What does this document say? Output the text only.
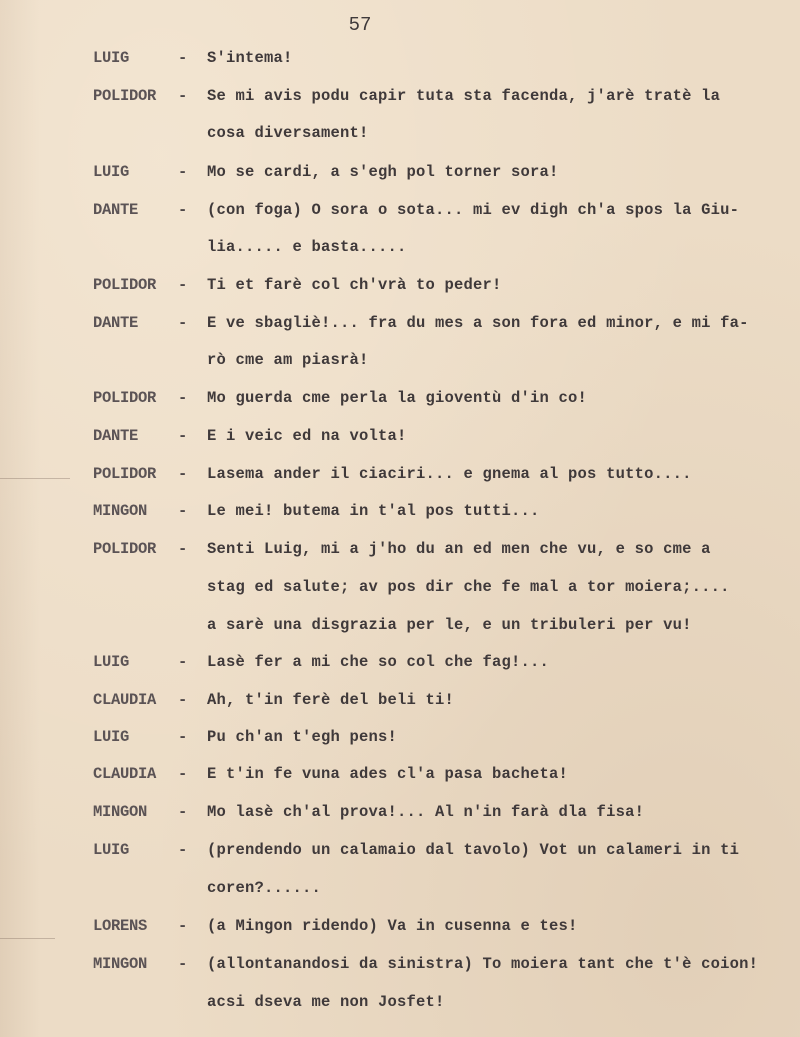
57
LUIG	- S'intema!
POLIDOR - Se mi avis podu capir tuta sta facenda, j'arè tratè la
cosa diversament!
LUIG	- Mo se cardi, a s'egh pol torner sora!
DANTE	- (con foga) O sora o sota... mi ev digh ch'a spos la Giu-
lia..... e basta.....
POLIDOR - Ti et farè col ch'vrà to peder!
DANTE	- E ve sbagliè!... fra du mes a son fora ed minor, e mi fa-
rò cme am piasrà!
POLIDOR - Mo guerda cme perla la gioventù d'in co!
DANTE	- E i veic ed na volta!
POLIDOR - Lasema ander il ciaciri... e gnema al pos tutto....
MINGON - Le mei! butema in t'al pos tutti...
POLIDOR - Senti Luig, mi a j'ho du an ed men che vu, e so cme a
stag ed salute; av pos dir che fe mal a tor moiera;....
a sarè una disgrazia per le, e un tribuleri per vu!
LUIG	- Lasè fer a mi che so col che fag!...
CLAUDIA - Ah, t'in ferè del beli ti!
LUIG	- Pu ch'an t'egh pens!
CLAUDIA - E t'in fe vuna ades cl'a pasa bacheta!
MINGON - Mo lasè ch'al prova!... Al n'in farà dla fisa!
LUIG	- (prendendo un calamaio dal tavolo) Vot un calameri in ti
coren?......
LORENS - (a Mingon ridendo) Va in cusenna e tes!
MINGON - (allontanandosi da sinistra) To moiera tant che t'è coion!
acsi dseva me non Josfet!
